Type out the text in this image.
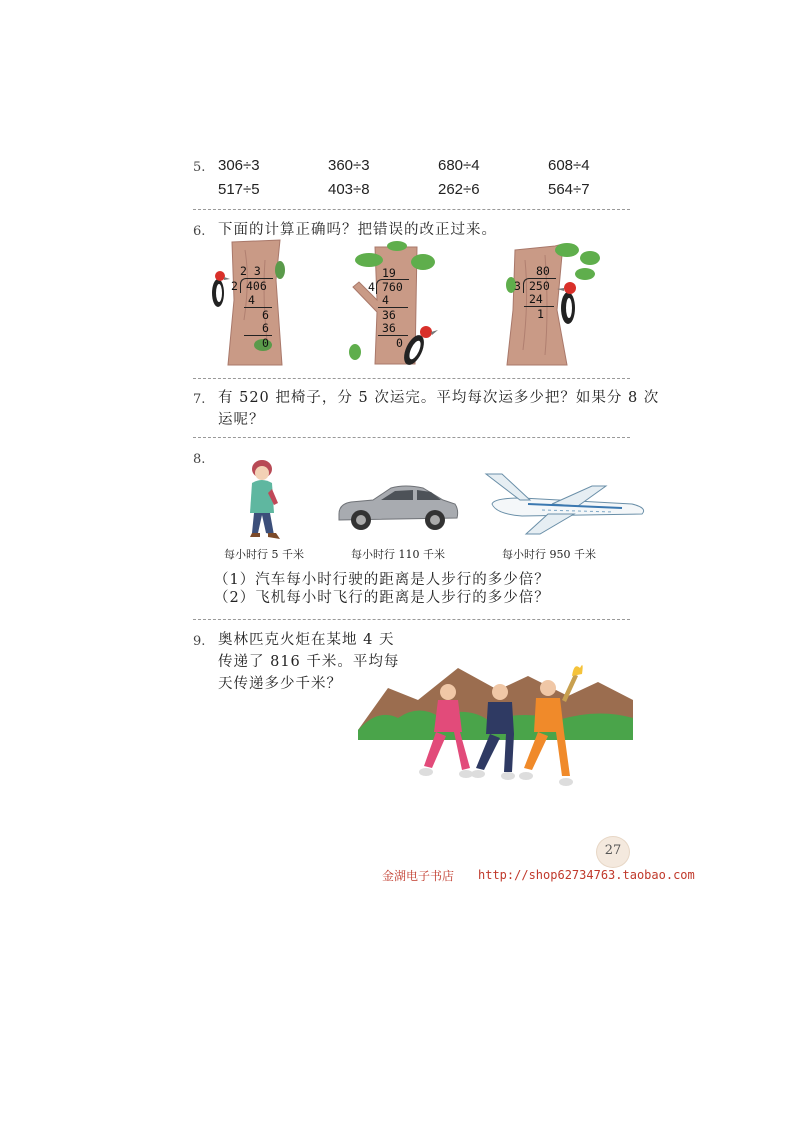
5. 306÷3	360÷3	680÷4	608÷4
517÷5	403÷8	262÷6	564÷7
6. 下面的计算正确吗？把错误的改正过来。
2 3
2 406
4
6
6
0
19
4 760
4
36
36
0
80
3 250
24
1
7. 有 520 把椅子，分 5 次运完。平均每次运多少把？如果分 8 次
运呢？
8.
每小时行 5 千米	每小时行 110 千米	每小时行 950 千米
（1）汽车每小时行驶的距离是人步行的多少倍？
（2）飞机每小时飞行的距离是人步行的多少倍？
9. 奥林匹克火炬在某地 4 天
传递了 816 千米。平均每
天传递多少千米？
27
金湖电子书店 http://shop62734763.taobao.com
